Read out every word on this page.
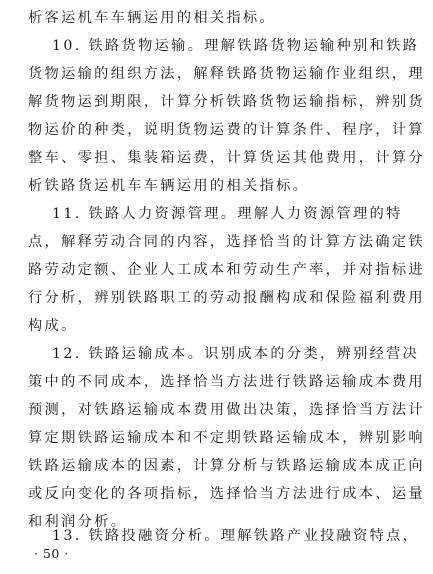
析客运机车车辆运用的相关指标。
10. 铁路货物运输。理解铁路货物运输种别和铁路
货物运输的组织方法，解释铁路货物运输作业组织，理
解货物运到期限，计算分析铁路货物运输指标，辨别货
物运价的种类，说明货物运费的计算条件、程序，计算
整车、零担、集装箱运费，计算货运其他费用，计算分
析铁路货运机车车辆运用的相关指标。
11. 铁路人力资源管理。理解人力资源管理的特
点，解释劳动合同的内容，选择恰当的计算方法确定铁
路劳动定额、企业人工成本和劳动生产率，并对指标进
行分析，辨别铁路职工的劳动报酬构成和保险福利费用
构成。
12. 铁路运输成本。识别成本的分类，辨别经营决
策中的不同成本，选择恰当方法进行铁路运输成本费用
预测，对铁路运输成本费用做出决策，选择恰当方法计
算定期铁路运输成本和不定期铁路运输成本，辨别影响
铁路运输成本的因素，计算分析与铁路运输成本成正向
或反向变化的各项指标，选择恰当方法进行成本、运量
和利润分析。
13. 铁路投融资分析。理解铁路产业投融资特点，
· 50 ·
